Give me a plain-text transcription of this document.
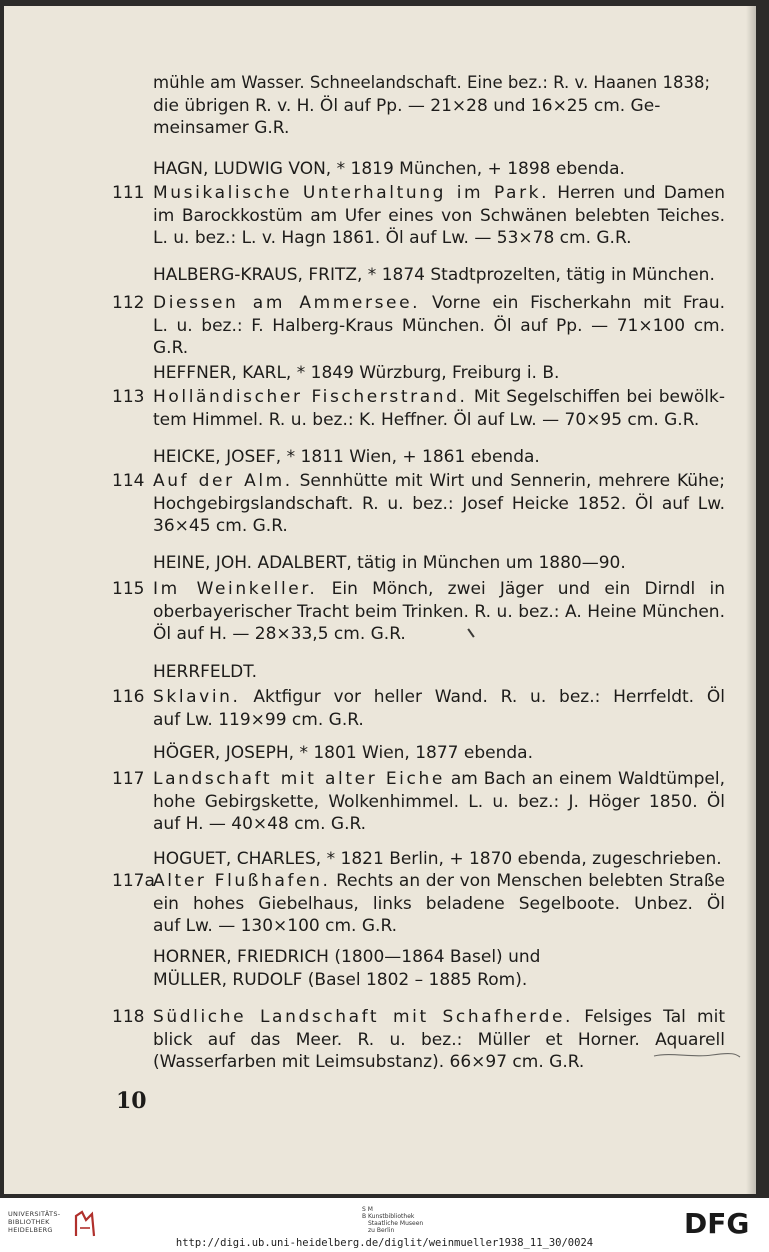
mühle am Wasser. Schneelandschaft. Eine bez.: R. v. Haanen 1838;
die übrigen R. v. H. Öl auf Pp. — 21×28 und 16×25 cm. Ge-
meinsamer G.R.
HAGN, LUDWIG VON, * 1819 München, + 1898 ebenda.
111 Musikalische Unterhaltung im Park. Herren und Damen
im Barockkostüm am Ufer eines von Schwänen belebten Teiches.
L. u. bez.: L. v. Hagn 1861. Öl auf Lw. — 53×78 cm. G.R.
HALBERG-KRAUS, FRITZ, * 1874 Stadtprozelten, tätig in München.
112 Diessen am Ammersee. Vorne ein Fischerkahn mit Frau.
L. u. bez.: F. Halberg-Kraus München. Öl auf Pp. — 71×100 cm.
G.R.
HEFFNER, KARL, * 1849 Würzburg, Freiburg i. B.
113 Holländischer Fischerstrand. Mit Segelschiffen bei bewölk-
tem Himmel. R. u. bez.: K. Heffner. Öl auf Lw. — 70×95 cm. G.R.
HEICKE, JOSEF, * 1811 Wien, + 1861 ebenda.
114 Auf der Alm. Sennhütte mit Wirt und Sennerin, mehrere Kühe;
Hochgebirgslandschaft. R. u. bez.: Josef Heicke 1852. Öl auf Lw.
36×45 cm. G.R.
HEINE, JOH. ADALBERT, tätig in München um 1880—90.
115 Im Weinkeller. Ein Mönch, zwei Jäger und ein Dirndl in
oberbayerischer Tracht beim Trinken. R. u. bez.: A. Heine München.
Öl auf H. — 28×33,5 cm. G.R.
HERRFELDT.
116 Sklavin. Aktfigur vor heller Wand. R. u. bez.: Herrfeldt. Öl
auf Lw. 119×99 cm. G.R.
HÖGER, JOSEPH, * 1801 Wien, 1877 ebenda.
117 Landschaft mit alter Eiche am Bach an einem Waldtümpel,
hohe Gebirgskette, Wolkenhimmel. L. u. bez.: J. Höger 1850. Öl
auf H. — 40×48 cm. G.R.
HOGUET, CHARLES, * 1821 Berlin, + 1870 ebenda, zugeschrieben.
117a
Alter Flußhafen. Rechts an der von Menschen belebten Straße
ein hohes Giebelhaus, links beladene Segelboote. Unbez. Öl
auf Lw. — 130×100 cm. G.R.
HORNER, FRIEDRICH (1800—1864 Basel) und
MÜLLER, RUDOLF (Basel 1802 – 1885 Rom).
118 Südliche Landschaft mit Schafherde. Felsiges Tal mit
blick auf das Meer. R. u. bez.: Müller et Horner. Aquarell
(Wasserfarben mit Leimsubstanz). 66×97 cm. G.R.
10
UNIVERSITÄTS-
BIBLIOTHEK
HEIDELBERG
S M
B Kunstbibliothek
Staatliche Museen
zu Berlin	DFG
http://digi.ub.uni-heidelberg.de/diglit/weinmueller1938_11_30/0024
